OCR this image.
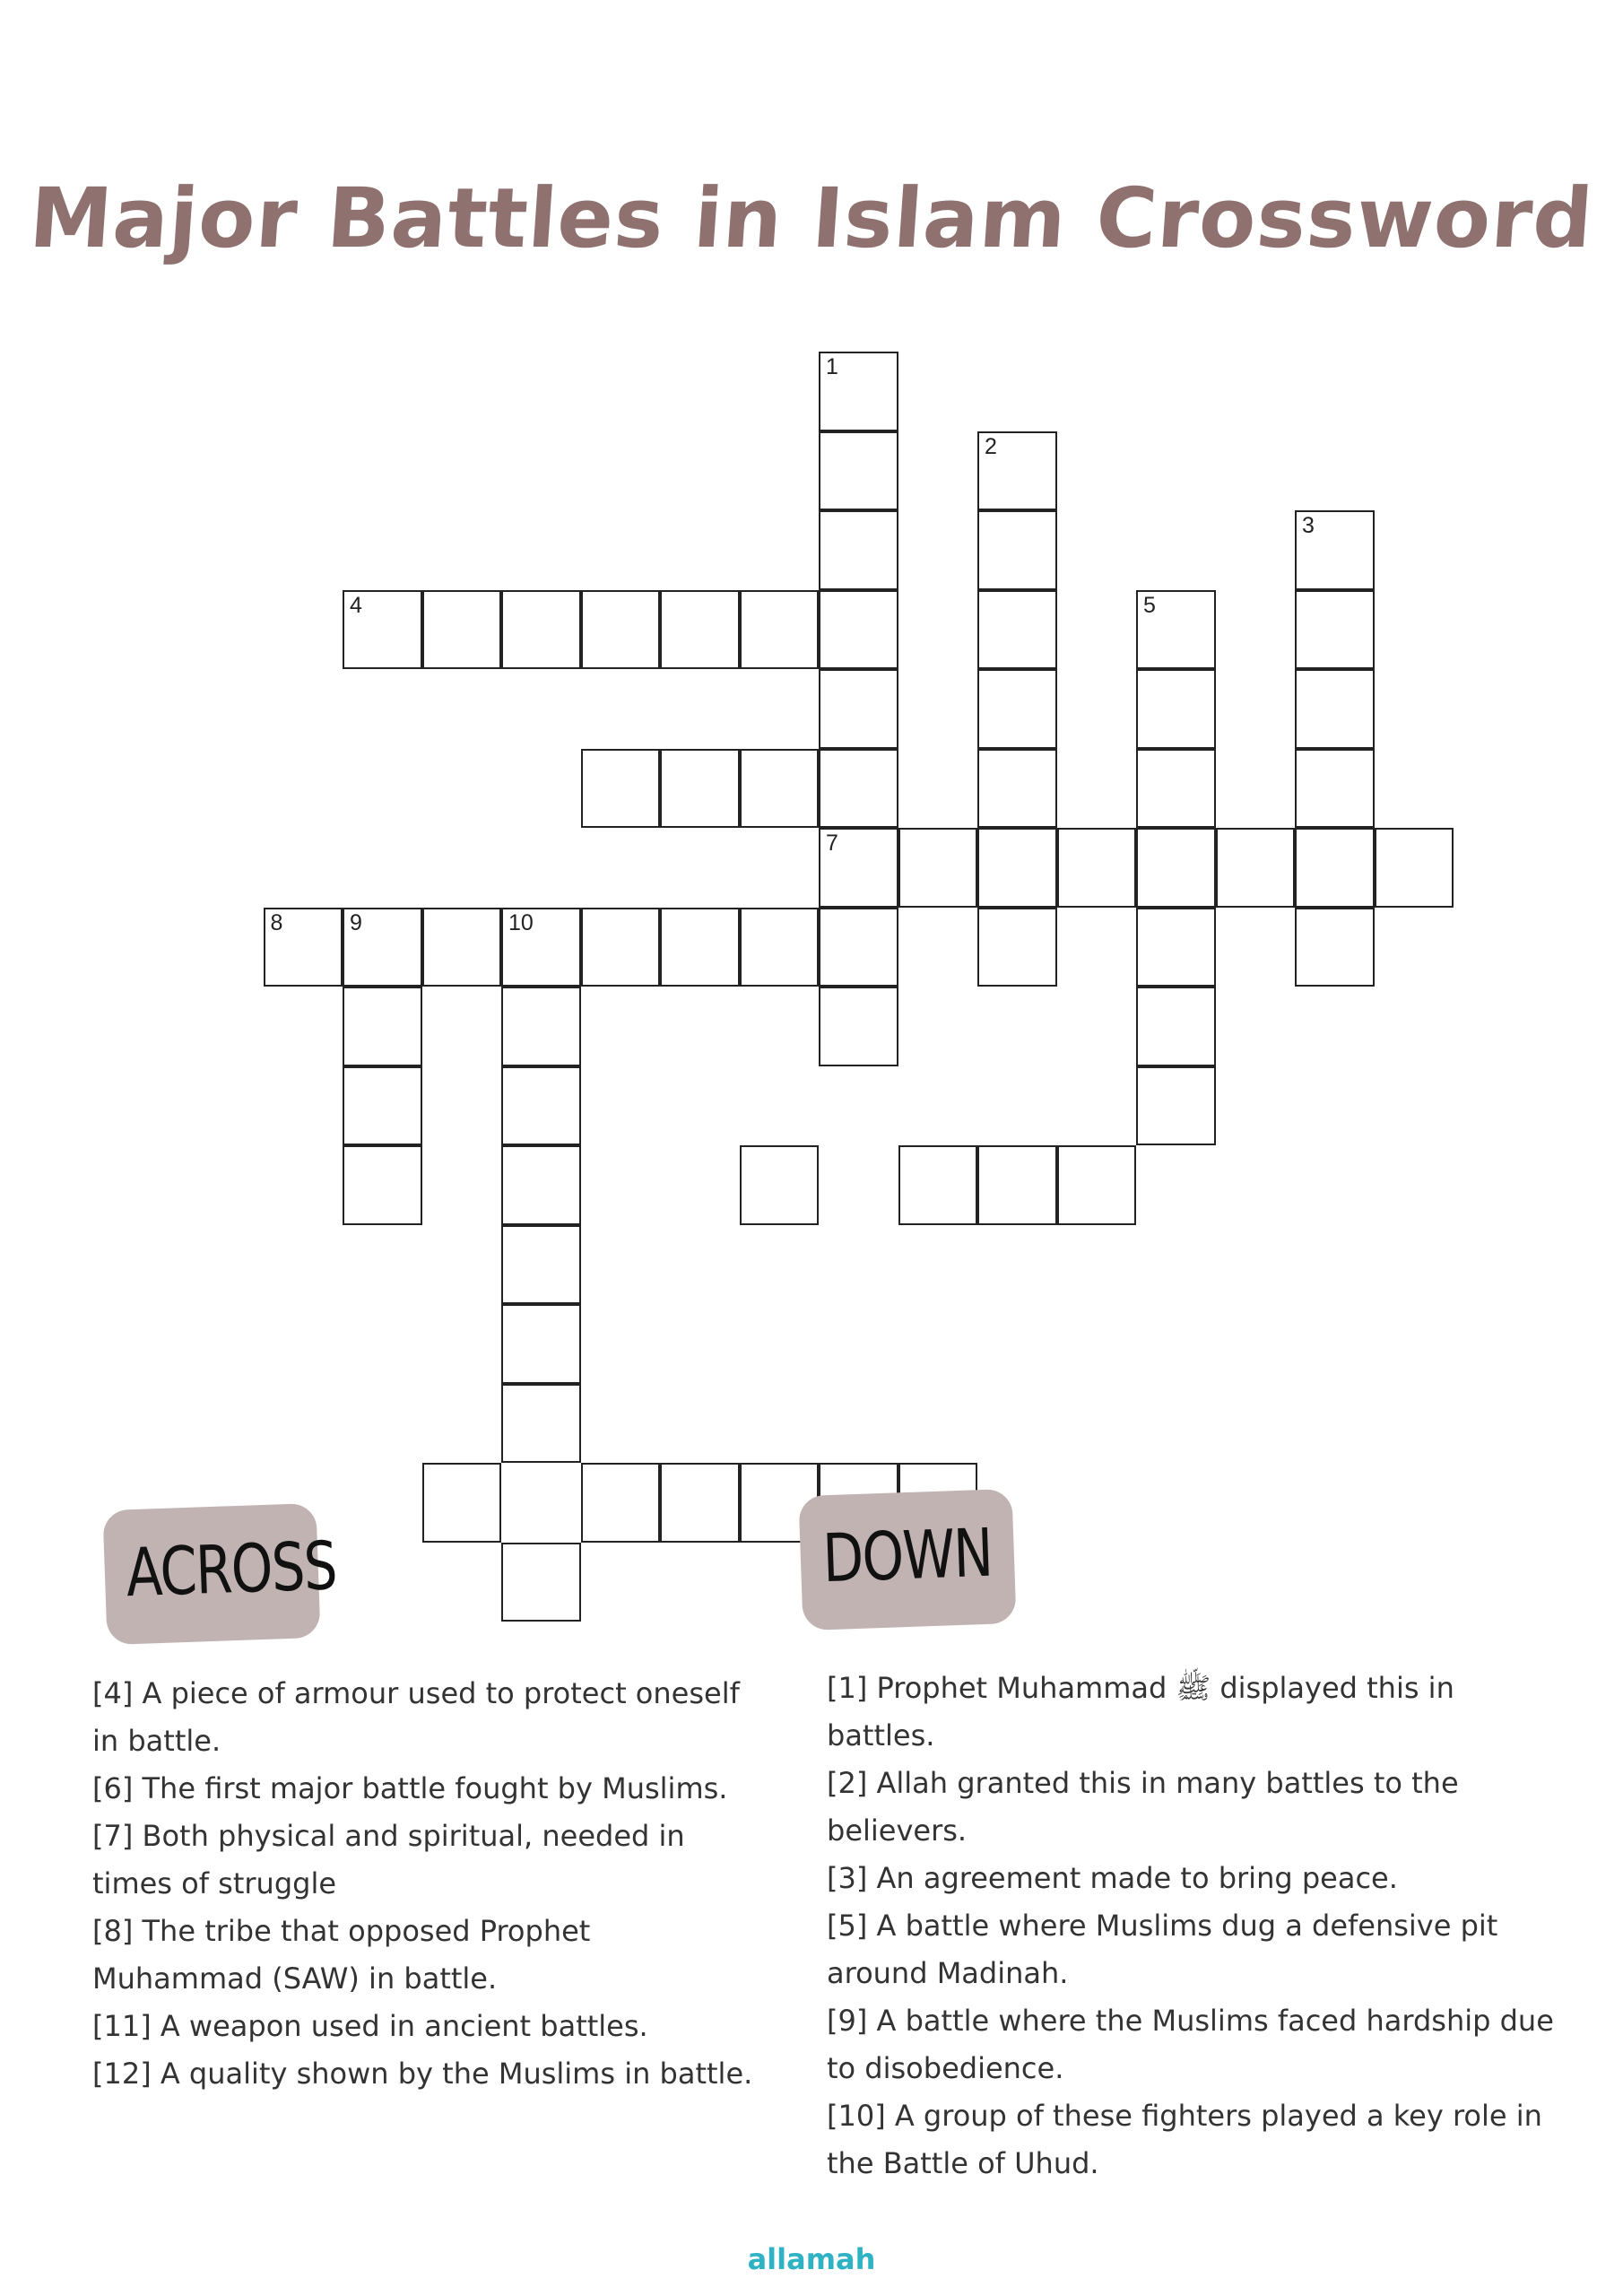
Major Battles in Islam Crossword
1
7
2
3
5
4
8	9	10
ACROSS	DOWN

[4] A piece of armour used to protect oneself in battle.

[6] The first major battle fought by Muslims.

[7] Both physical and spiritual, needed in times of struggle

[8] The tribe that opposed Prophet Muhammad (SAW) in battle.

[11] A weapon used in ancient battles.

[12] A quality shown by the Muslims in battle.

[1] Prophet Muhammad ﷺ displayed this in battles.

[2] Allah granted this in many battles to the believers.

[3] An agreement made to bring peace.

[5] A battle where Muslims dug a defensive pit around Madinah.

[9] A battle where the Muslims faced hardship due to disobedience.

[10] A group of these fighters played a key role in the Battle of Uhud.

allamah
